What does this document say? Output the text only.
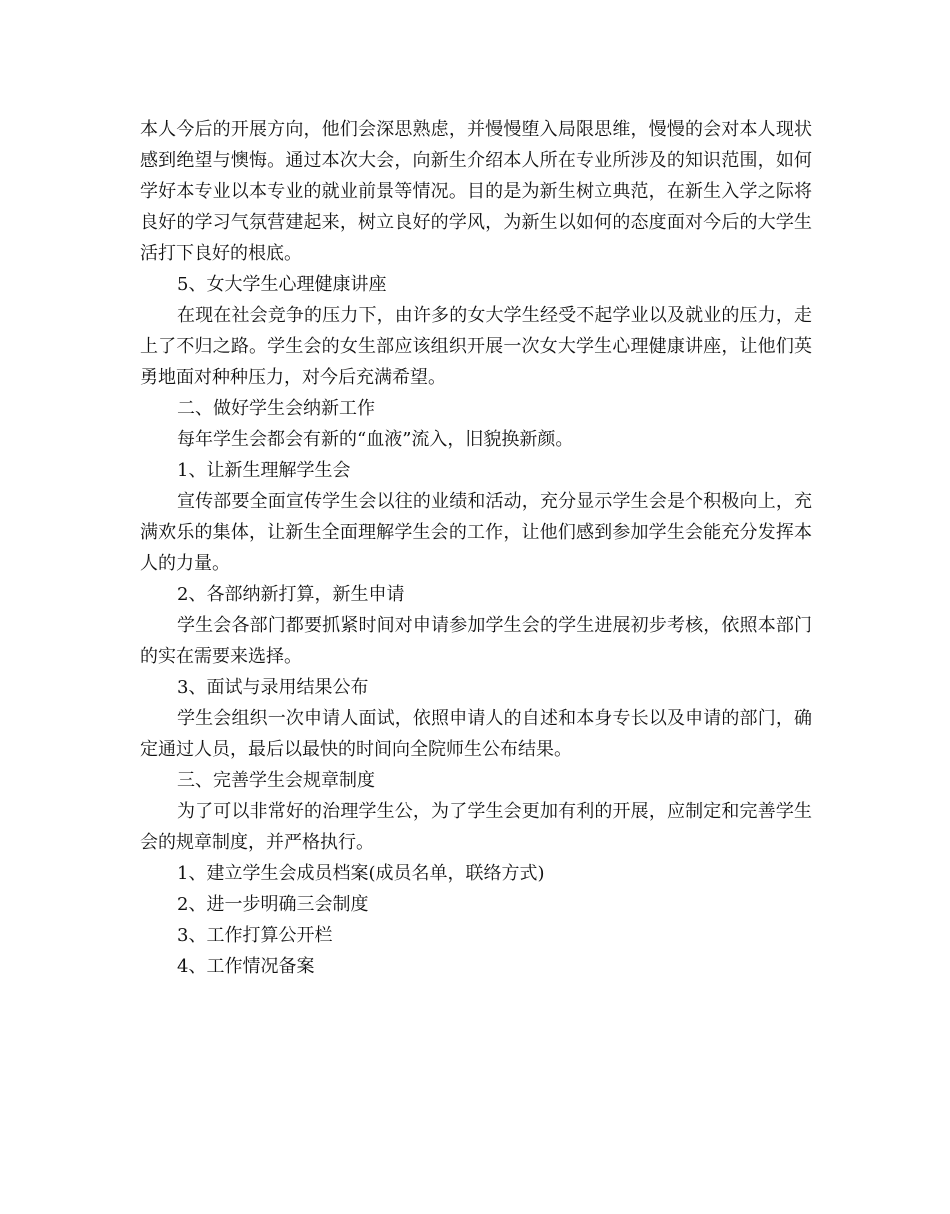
本人今后的开展方向，他们会深思熟虑，并慢慢堕入局限思维，慢慢的会对本人现状感到绝望与懊悔。通过本次大会，向新生介绍本人所在专业所涉及的知识范围，如何学好本专业以本专业的就业前景等情况。目的是为新生树立典范，在新生入学之际将良好的学习气氛营建起来，树立良好的学风，为新生以如何的态度面对今后的大学生活打下良好的根底。

5、女大学生心理健康讲座

在现在社会竞争的压力下，由许多的女大学生经受不起学业以及就业的压力，走上了不归之路。学生会的女生部应该组织开展一次女大学生心理健康讲座，让他们英勇地面对种种压力，对今后充满希望。

二、做好学生会纳新工作

每年学生会都会有新的“血液”流入，旧貌换新颜。

1、让新生理解学生会

宣传部要全面宣传学生会以往的业绩和活动，充分显示学生会是个积极向上，充满欢乐的集体，让新生全面理解学生会的工作，让他们感到参加学生会能充分发挥本人的力量。

2、各部纳新打算，新生申请

学生会各部门都要抓紧时间对申请参加学生会的学生进展初步考核，依照本部门的实在需要来选择。

3、面试与录用结果公布

学生会组织一次申请人面试，依照申请人的自述和本身专长以及申请的部门，确定通过人员，最后以最快的时间向全院师生公布结果。

三、完善学生会规章制度

为了可以非常好的治理学生公，为了学生会更加有利的开展，应制定和完善学生会的规章制度，并严格执行。

1、建立学生会成员档案(成员名单，联络方式)

2、进一步明确三会制度

3、工作打算公开栏

4、工作情况备案
